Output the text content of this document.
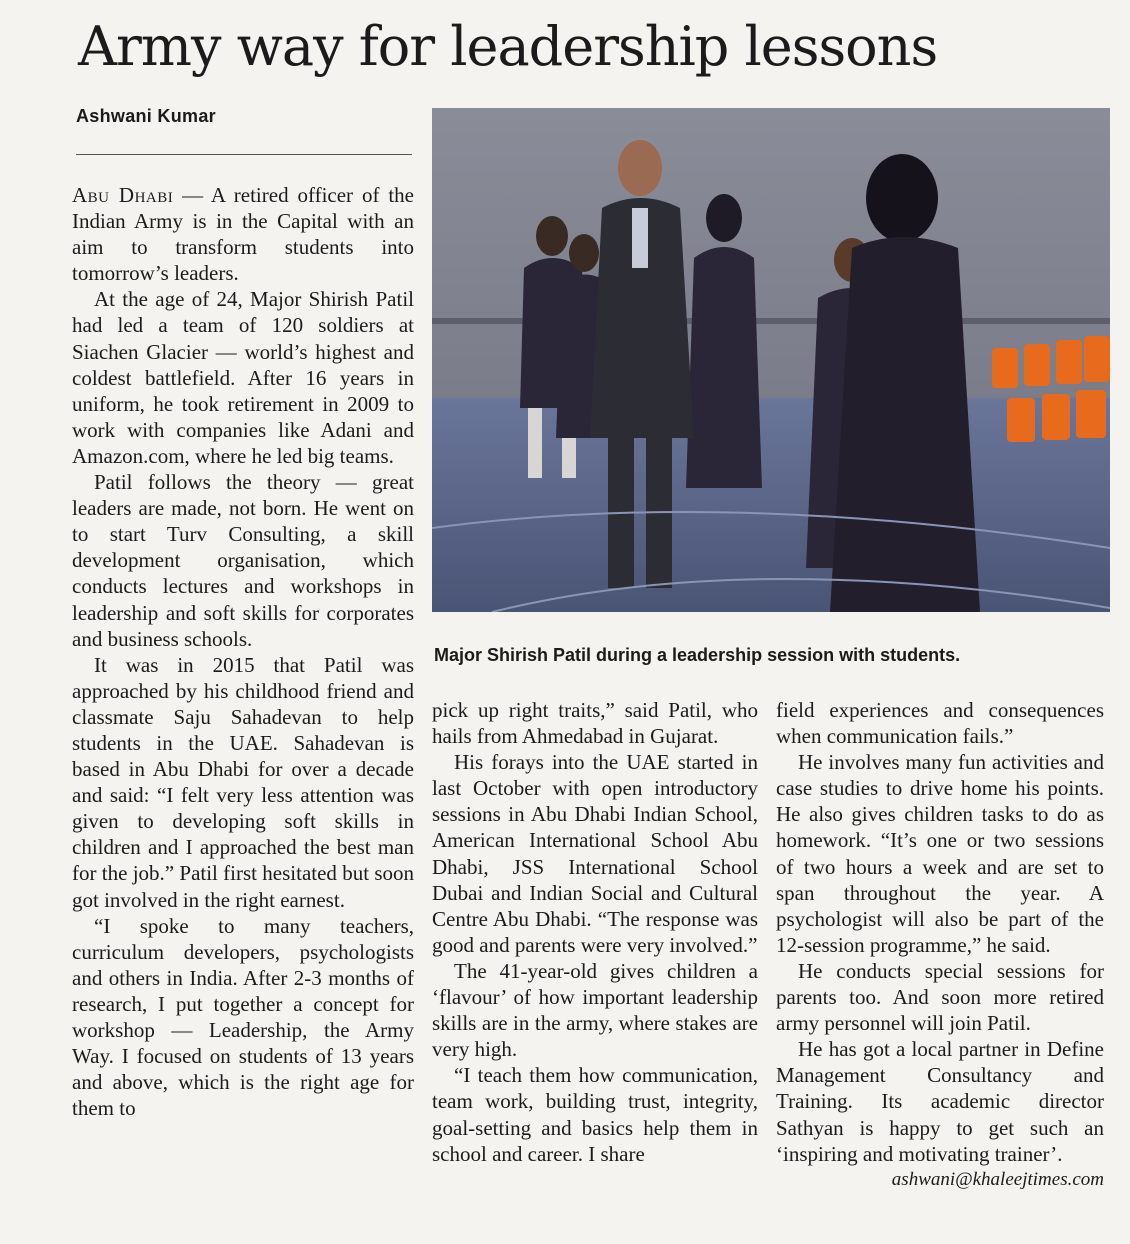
Army way for leadership lessons
Ashwani Kumar

Abu Dhabi — A retired officer of the Indian Army is in the Capital with an aim to transform students into tomorrow’s leaders.

At the age of 24, Major Shirish Patil had led a team of 120 soldiers at Siachen Glacier — world’s highest and coldest battlefield. After 16 years in uniform, he took retirement in 2009 to work with companies like Adani and Amazon.com, where he led big teams.

Patil follows the theory — great leaders are made, not born. He went on to start Turv Consulting, a skill development organisation, which conducts lectures and workshops in leadership and soft skills for corporates and business schools.

It was in 2015 that Patil was approached by his childhood friend and classmate Saju Sahadevan to help students in the UAE. Sahadevan is based in Abu Dhabi for over a decade and said: “I felt very less attention was given to developing soft skills in children and I approached the best man for the job.” Patil first hesitated but soon got involved in the right earnest.

“I spoke to many teachers, curriculum developers, psychologists and others in India. After 2-3 months of research, I put together a concept for workshop — Leadership, the Army Way. I focused on students of 13 years and above, which is the right age for them to

Major Shirish Patil during a leadership session with students.

pick up right traits,” said Patil, who hails from Ahmedabad in Gujarat.

His forays into the UAE started in last October with open introductory sessions in Abu Dhabi Indian School, American International School Abu Dhabi, JSS International School Dubai and Indian Social and Cultural Centre Abu Dhabi. “The response was good and parents were very involved.”

The 41-year-old gives children a ‘flavour’ of how important leadership skills are in the army, where stakes are very high.

“I teach them how communication, team work, building trust, integrity, goal-setting and basics help them in school and career. I share

field experiences and consequences when communication fails.”

He involves many fun activities and case studies to drive home his points. He also gives children tasks to do as homework. “It’s one or two sessions of two hours a week and are set to span throughout the year. A psychologist will also be part of the 12-session programme,” he said.

He conducts special sessions for parents too. And soon more retired army personnel will join Patil.

He has got a local partner in Define Management Consultancy and Training. Its academic director Sathyan is happy to get such an ‘inspiring and motivating trainer’.

ashwani@khaleejtimes.com
